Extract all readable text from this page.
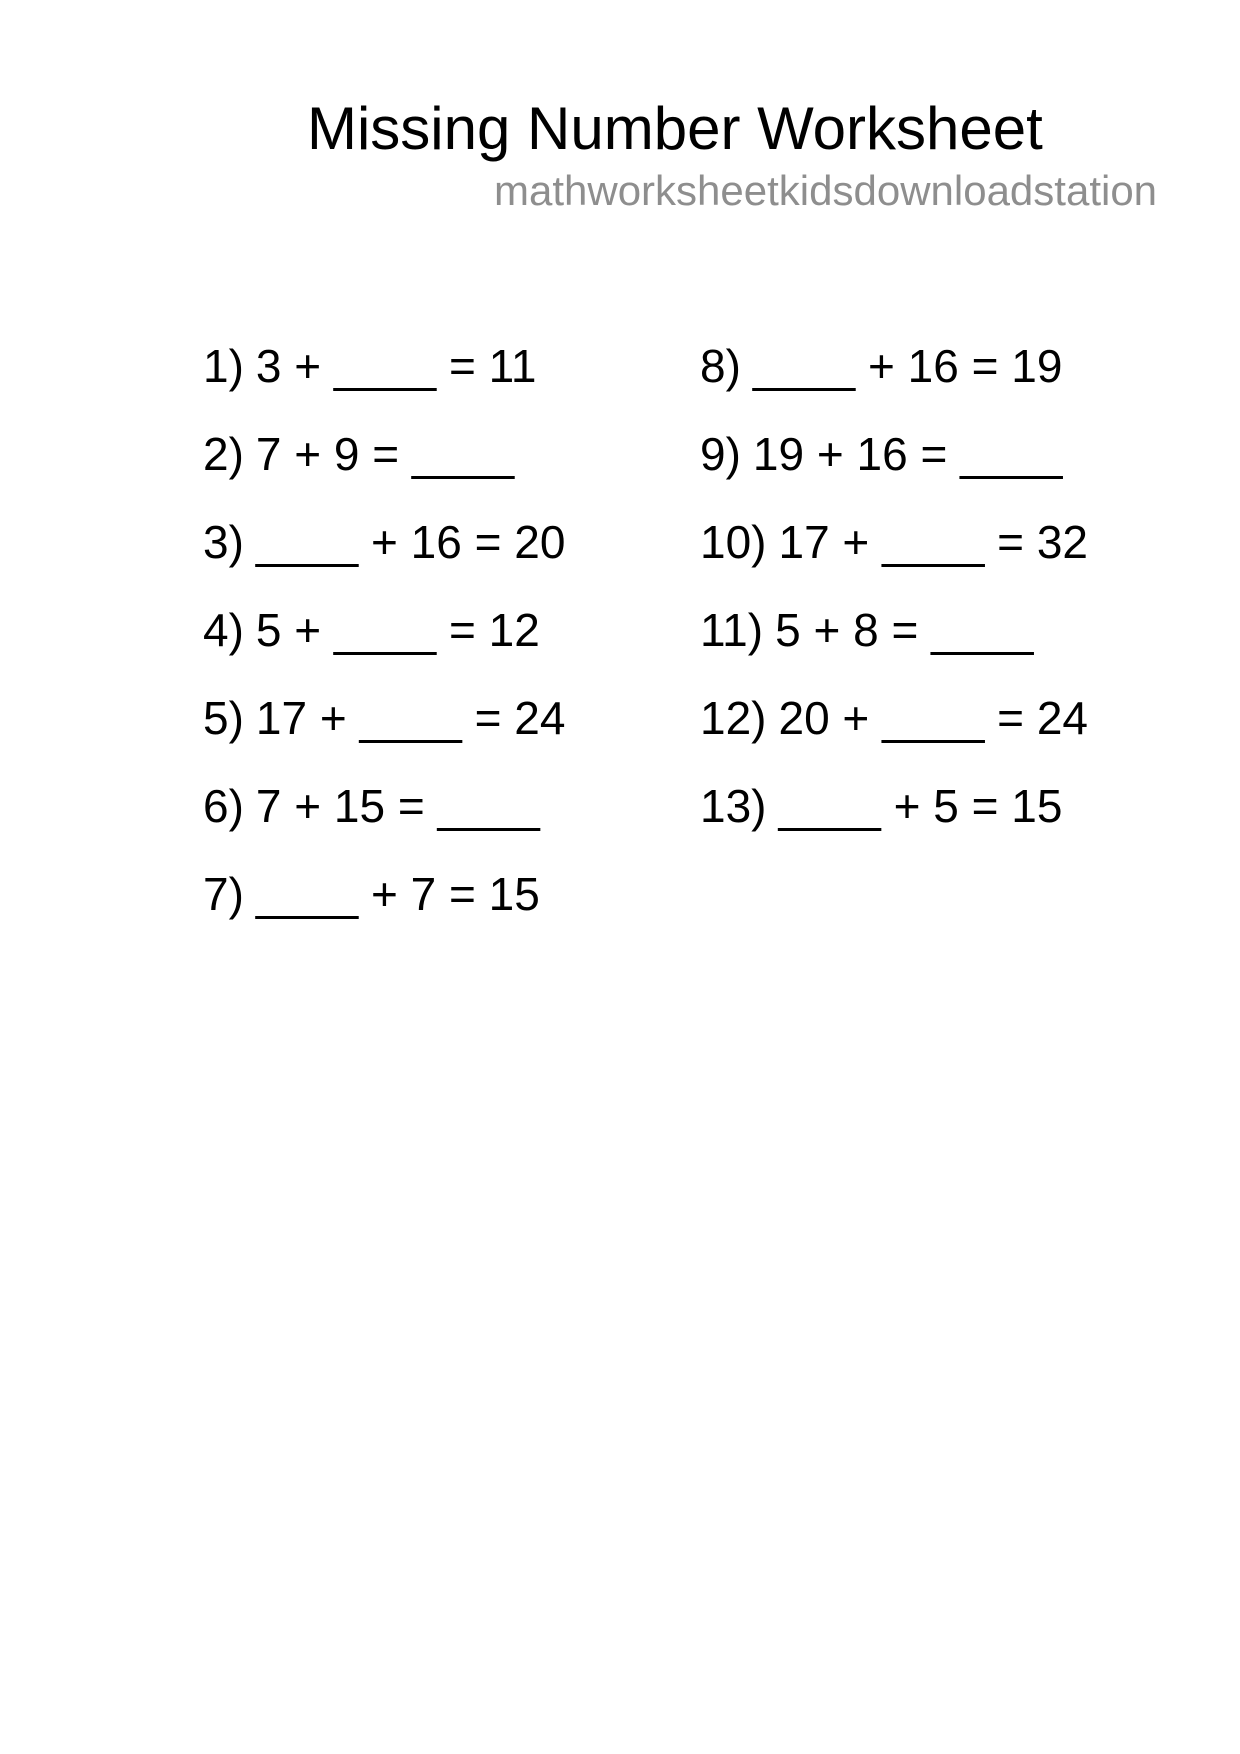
Missing Number Worksheet
mathworksheetkidsdownloadstation
1) 3 + ____ = 11
2) 7 + 9 = ____
3) ____ + 16 = 20
4) 5 + ____ = 12
5) 17 + ____ = 24
6) 7 + 15 = ____
7) ____ + 7 = 15
8) ____ + 16 = 19
9) 19 + 16 = ____
10) 17 + ____ = 32
11) 5 + 8 = ____
12) 20 + ____ = 24
13) ____ + 5 = 15
